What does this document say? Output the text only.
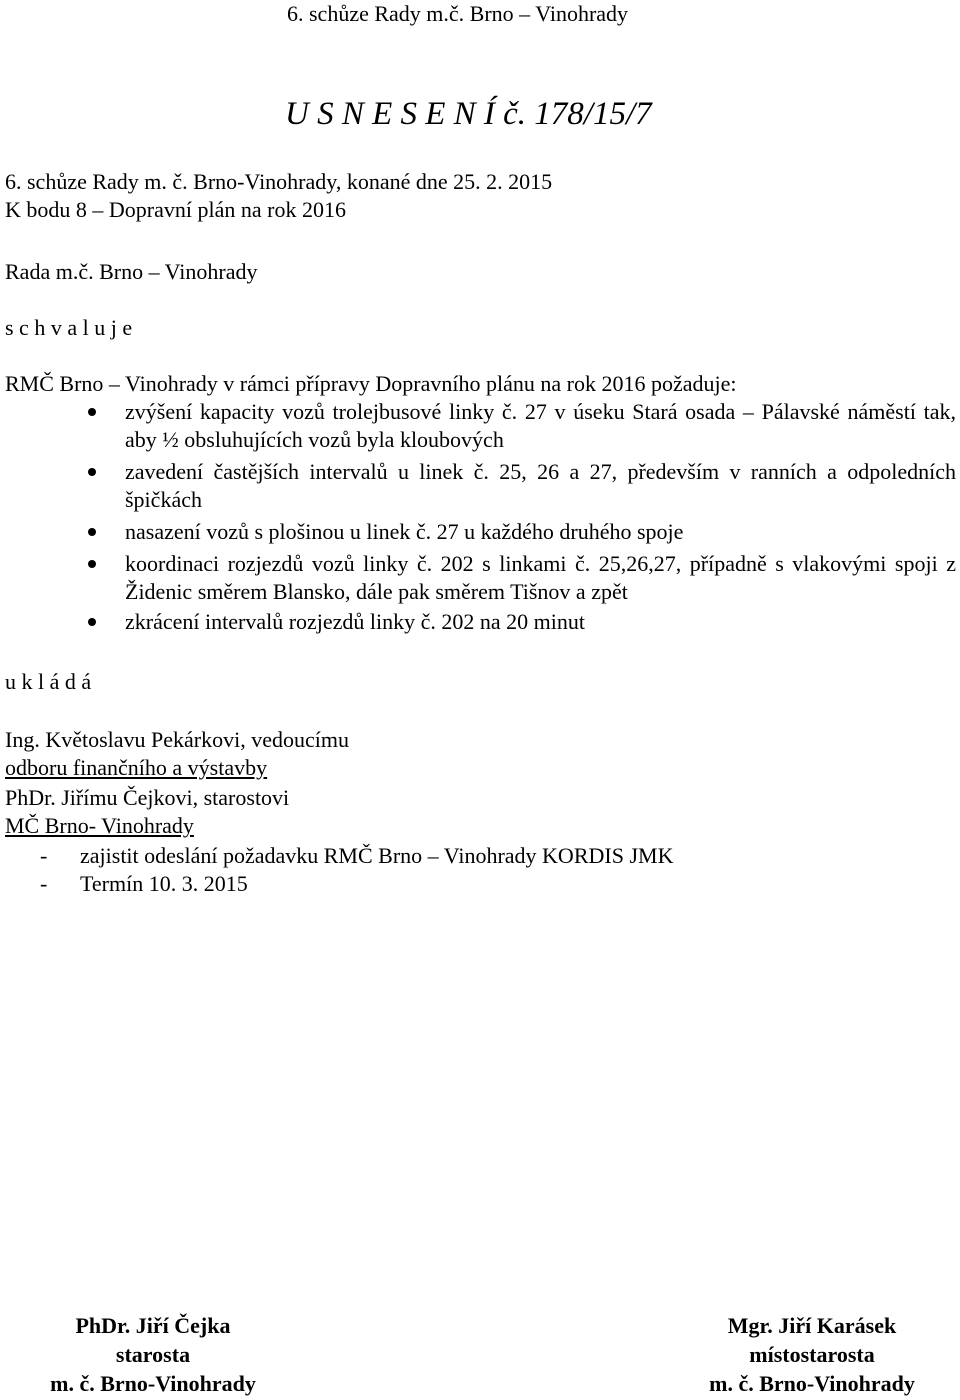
6. schůze Rady m.č. Brno – Vinohrady
U S N E S E N Í č. 178/15/7
6. schůze Rady m. č. Brno-Vinohrady, konané dne 25. 2. 2015
K bodu 8 – Dopravní plán na rok 2016
Rada m.č. Brno – Vinohrady
s c h v a l u j e
RMČ Brno – Vinohrady v rámci přípravy Dopravního plánu na rok 2016 požaduje:
zvýšení kapacity vozů trolejbusové linky č. 27 v úseku Stará osada – Pálavské náměstí tak, aby ½ obsluhujících vozů byla kloubových
zavedení častějších intervalů u linek č. 25, 26 a 27, především v ranních a odpoledních špičkách
nasazení vozů s plošinou u linek č. 27 u každého druhého spoje
koordinaci rozjezdů vozů linky č. 202 s linkami č. 25,26,27, případně s vlakovými spoji z Židenic směrem Blansko, dále pak směrem Tišnov a zpět
zkrácení intervalů rozjezdů linky č. 202 na 20 minut
u k l á d á
Ing. Květoslavu Pekárkovi, vedoucímu
odboru finančního a výstavby
PhDr. Jiřímu Čejkovi, starostovi
MČ Brno- Vinohrady
- zajistit odeslání požadavku RMČ Brno – Vinohrady KORDIS JMK
- Termín 10. 3. 2015
PhDr. Jiří Čejka
starosta
m. č. Brno-Vinohrady
Mgr. Jiří Karásek
místostarosta
m. č. Brno-Vinohrady
